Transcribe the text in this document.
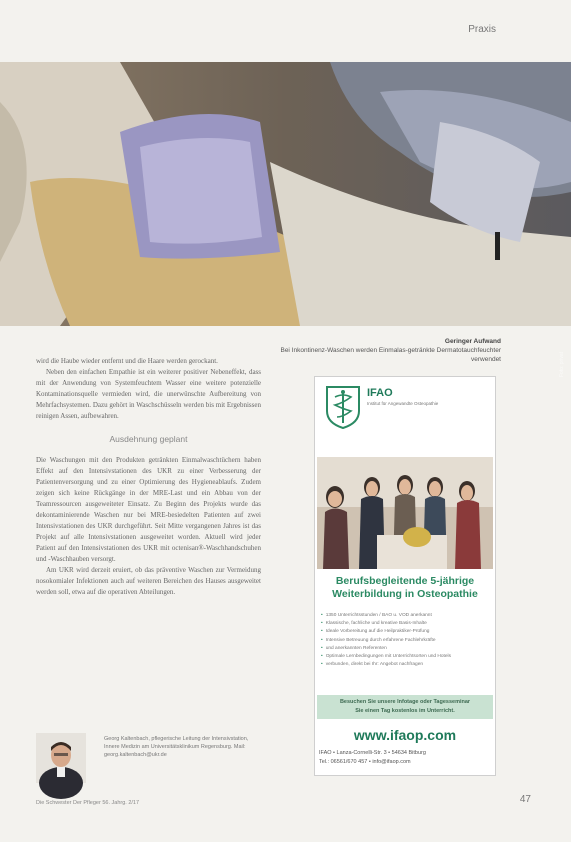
Praxis
Foto: privat
Geringer Aufwand
Bei Inkontinenz-Waschen werden Einmalas-getränkte Dermatotauchfeuchter verwendet

wird die Haube wieder entfernt und die Haare werden gerockant.

Neben den einfachen Empathie ist ein weiterer positiver Nebeneffekt, dass mit der Anwendung von Systemfeuchtem Wasser eine weitere potenzielle Kontaminationsquelle vermieden wird, die unerwünschte Aufbereitung von Mehrfachsystemen. Dazu gehört in Waschschüsseln werden bis mit Ergebnissen reinigen Assen, aufbewahren.

Ausdehnung geplant

Die Waschungen mit den Produkten getränkten Einmalwaschtüchern haben Effekt auf den Intensivstationen des UKR zu einer Verbesserung der Patientenversorgung und zu einer Optimierung des Hygieneablaufs. Zudem zeigen sich keine Rückgänge in der MRE-Last und ein Abbau von der Teamressourcen ausgeweiteter Einsatz. Zu Beginn des Projekts wurde das dekontaminierende Waschen nur bei MRE-besiedelten Patienten auf zwei Intensivstationen des UKR durchgeführt. Seit Mitte vergangenen Jahres ist das Projekt auf alle Intensivstationen ausgeweitet worden. Aktuell wird jeder Patient auf den Intensivstationen des UKR mit octenisan®-Waschhandschuhen und -Waschhauben versorgt.

Am UKR wird derzeit eruiert, ob das präventive Waschen zur Vermeidung nosokomialer Infektionen auch auf weiteren Bereichen des Hauses ausgeweitet werden soll, etwa auf die operativen Abteilungen.

Georg Kaltenbach, pflegerische Leitung der Intensivstation, Innere Medizin am Universitätsklinikum Regensburg. Mail: georg.kaltenbach@ukr.de
IFAO
Institut für Angewandte Osteopathie
Berufsbegleitende 5-jährige
Weiterbildung in Osteopathie
• 1350 Unterrichtsstunden / BAO u. VOD anerkannt
• Klassische, fachliche und kreative Basis-Inhalte
• Ideale Vorbereitung auf die Heilpraktiker-Prüfung
• Intensive Betreuung durch erfahrene Fachlehrkräfte
• und anerkannten Referenten
• Optimale Lernbedingungen mit Unterrichtsorten und Hotels
• verbunden, direkt bei Ihr: Angebot nachfragen
Besuchen Sie unsere Infotage oder Tagesseminar
Sie einen Tag kostenlos im Unterricht.
www.ifaop.com
IFAO • Lanza-Cornelli-Str. 3 • 54634 Bitburg
Tel.: 06561/670 457 • info@ifaop.com
Die Schwester Der Pfleger 56. Jahrg. 2/17	47
